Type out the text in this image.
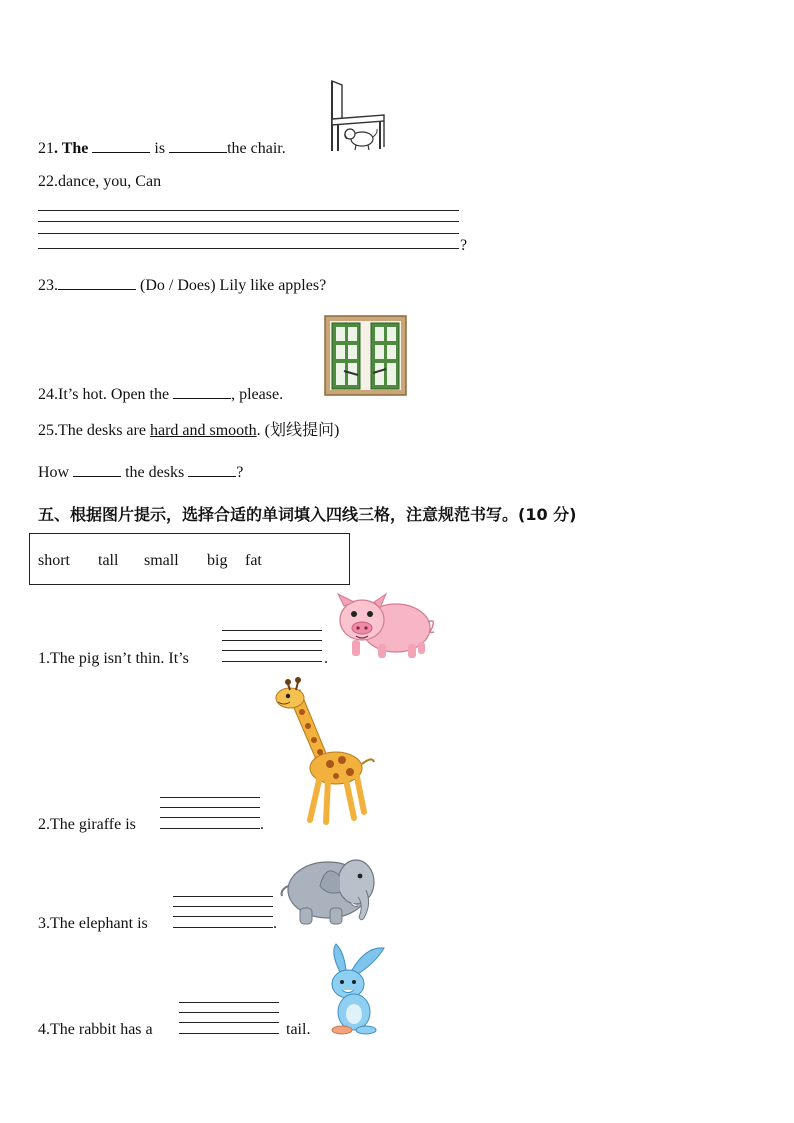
21. The	is	the chair.
22.dance, you, Can
?
23.	(Do / Does) Lily like apples?
24.It’s hot. Open the	, please.
25.The desks are hard and smooth. (划线提问)
How	the desks	?
五、根据图片提示，选择合适的单词填入四线三格，注意规范书写。(10 分)
short tall small big fat
1.The pig isn’t thin. It’s	.
2.The giraffe is	.
3.The elephant is	.
4.The rabbit has a	tail.
